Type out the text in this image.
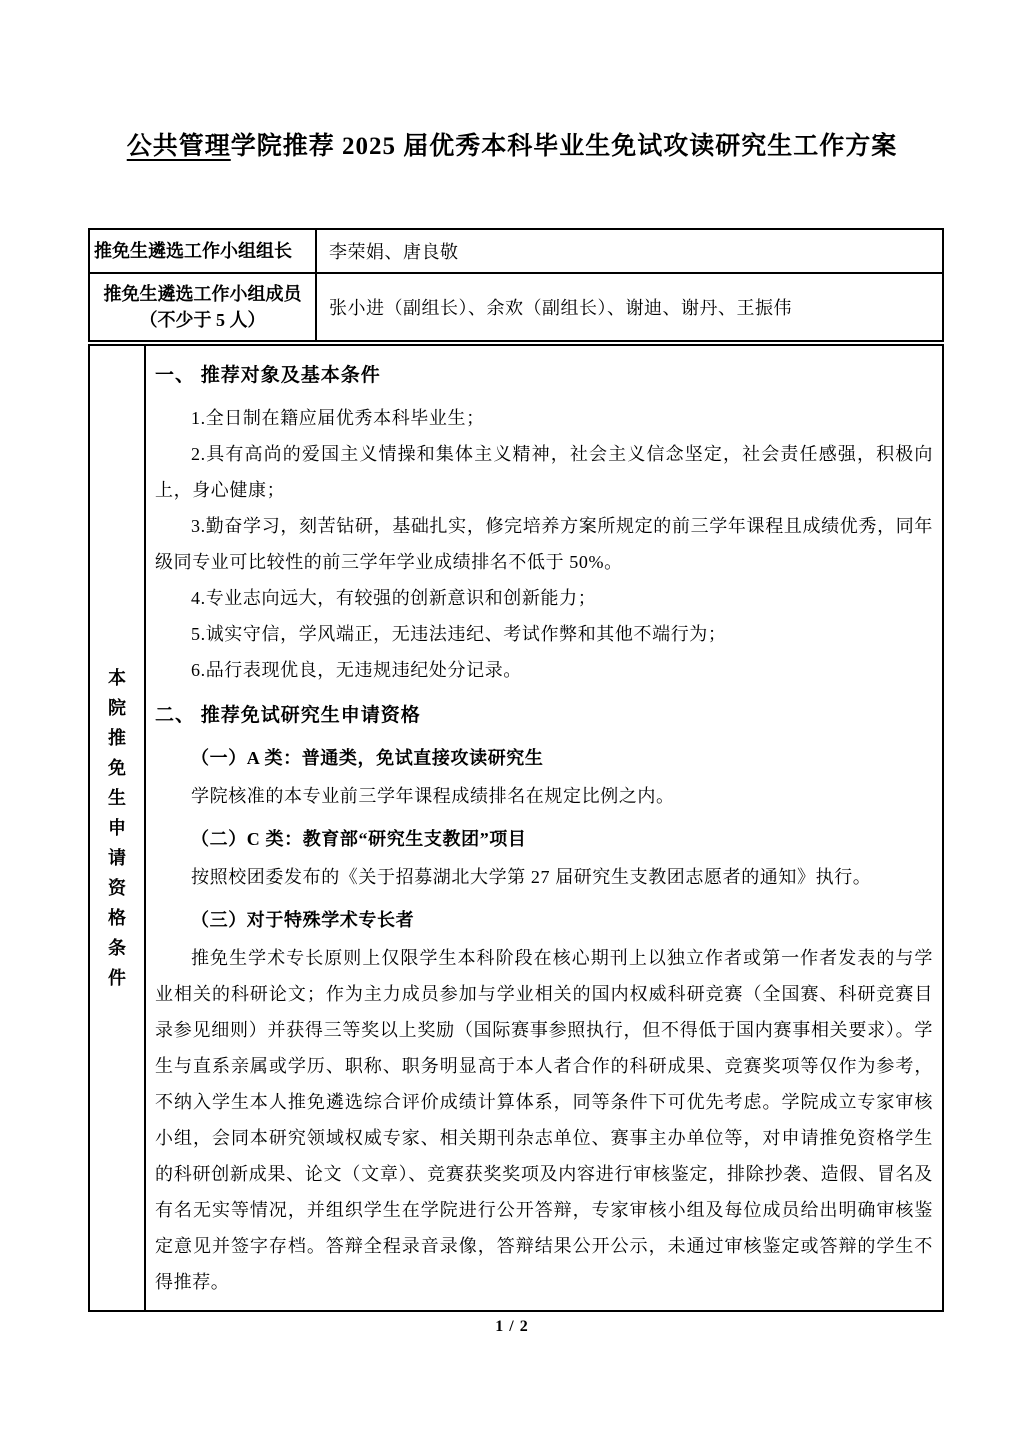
公共管理学院推荐 2025 届优秀本科毕业生免试攻读研究生工作方案
推免生遴选工作小组组长	李荣娟、唐良敬

推免生遴选工作小组成员
（不少于 5 人）	张小进（副组长）、余欢（副组长）、谢迪、谢丹、王振伟
本院推免生申请资格条件	
一、 推荐对象及基本条件

1.全日制在籍应届优秀本科毕业生；

2.具有高尚的爱国主义情操和集体主义精神，社会主义信念坚定，社会责任感强，积极向上，身心健康；

3.勤奋学习，刻苦钻研，基础扎实，修完培养方案所规定的前三学年课程且成绩优秀，同年级同专业可比较性的前三学年学业成绩排名不低于 50%。

4.专业志向远大，有较强的创新意识和创新能力；

5.诚实守信，学风端正，无违法违纪、考试作弊和其他不端行为；

6.品行表现优良，无违规违纪处分记录。

二、 推荐免试研究生申请资格
（一）A 类：普通类，免试直接攻读研究生

学院核准的本专业前三学年课程成绩排名在规定比例之内。

（二）C 类：教育部“研究生支教团”项目

按照校团委发布的《关于招募湖北大学第 27 届研究生支教团志愿者的通知》执行。

（三）对于特殊学术专长者

推免生学术专长原则上仅限学生本科阶段在核心期刊上以独立作者或第一作者发表的与学业相关的科研论文；作为主力成员参加与学业相关的国内权威科研竞赛（全国赛、科研竞赛目录参见细则）并获得三等奖以上奖励（国际赛事参照执行，但不得低于国内赛事相关要求）。学生与直系亲属或学历、职称、职务明显高于本人者合作的科研成果、竞赛奖项等仅作为参考，不纳入学生本人推免遴选综合评价成绩计算体系，同等条件下可优先考虑。学院成立专家审核小组，会同本研究领域权威专家、相关期刊杂志单位、赛事主办单位等，对申请推免资格学生的科研创新成果、论文（文章）、竞赛获奖奖项及内容进行审核鉴定，排除抄袭、造假、冒名及有名无实等情况，并组织学生在学院进行公开答辩，专家审核小组及每位成员给出明确审核鉴定意见并签字存档。答辩全程录音录像，答辩结果公开公示，未通过审核鉴定或答辩的学生不得推荐。

1 / 2
